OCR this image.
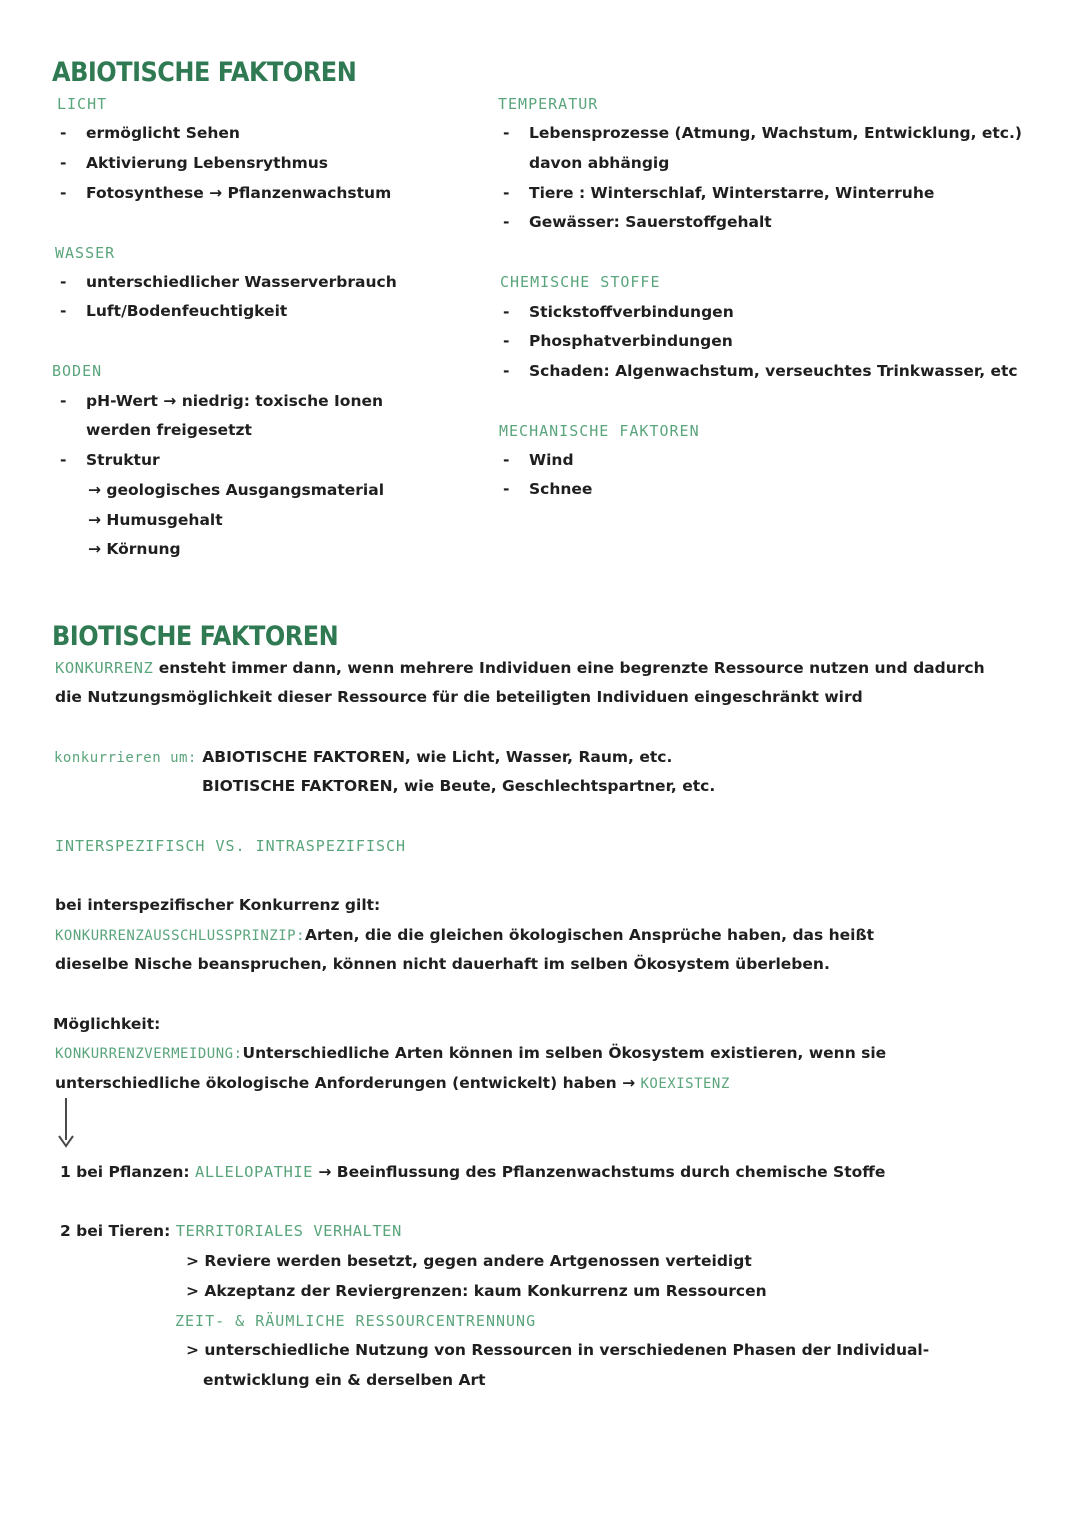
ABIOTISCHE FAKTOREN
LICHT
- ermöglicht Sehen
- Aktivierung Lebensrythmus
- Fotosynthese → Pflanzenwachstum
WASSER
- unterschiedlicher Wasserverbrauch
- Luft/Bodenfeuchtigkeit
BODEN
- pH-Wert → niedrig: toxische Ionen
werden freigesetzt
- Struktur
→ geologisches Ausgangsmaterial
→ Humusgehalt
→ Körnung
TEMPERATUR
- Lebensprozesse (Atmung, Wachstum, Entwicklung, etc.)
davon abhängig
- Tiere : Winterschlaf, Winterstarre, Winterruhe
- Gewässer: Sauerstoffgehalt
CHEMISCHE STOFFE
- Stickstoffverbindungen
- Phosphatverbindungen
- Schaden: Algenwachstum, verseuchtes Trinkwasser, etc
MECHANISCHE FAKTOREN
- Wind
- Schnee
BIOTISCHE FAKTOREN
KONKURRENZ ensteht immer dann, wenn mehrere Individuen eine begrenzte Ressource nutzen und dadurch
die Nutzungsmöglichkeit dieser Ressource für die beteiligten Individuen eingeschränkt wird
konkurrieren um: ABIOTISCHE FAKTOREN, wie Licht, Wasser, Raum, etc.
BIOTISCHE FAKTOREN, wie Beute, Geschlechtspartner, etc.
INTERSPEZIFISCH VS. INTRASPEZIFISCH
bei interspezifischer Konkurrenz gilt:
KONKURRENZAUSSCHLUSSPRINZIP:Arten, die die gleichen ökologischen Ansprüche haben, das heißt
dieselbe Nische beanspruchen, können nicht dauerhaft im selben Ökosystem überleben.
Möglichkeit:
KONKURRENZVERMEIDUNG:Unterschiedliche Arten können im selben Ökosystem existieren, wenn sie
unterschiedliche ökologische Anforderungen (entwickelt) haben → KOEXISTENZ
1 bei Pflanzen: ALLELOPATHIE → Beeinflussung des Pflanzenwachstums durch chemische Stoffe
2 bei Tieren: TERRITORIALES VERHALTEN
> Reviere werden besetzt, gegen andere Artgenossen verteidigt
> Akzeptanz der Reviergrenzen: kaum Konkurrenz um Ressourcen
ZEIT- & RÄUMLICHE RESSOURCENTRENNUNG
> unterschiedliche Nutzung von Ressourcen in verschiedenen Phasen der Individual-
entwicklung ein & derselben Art
